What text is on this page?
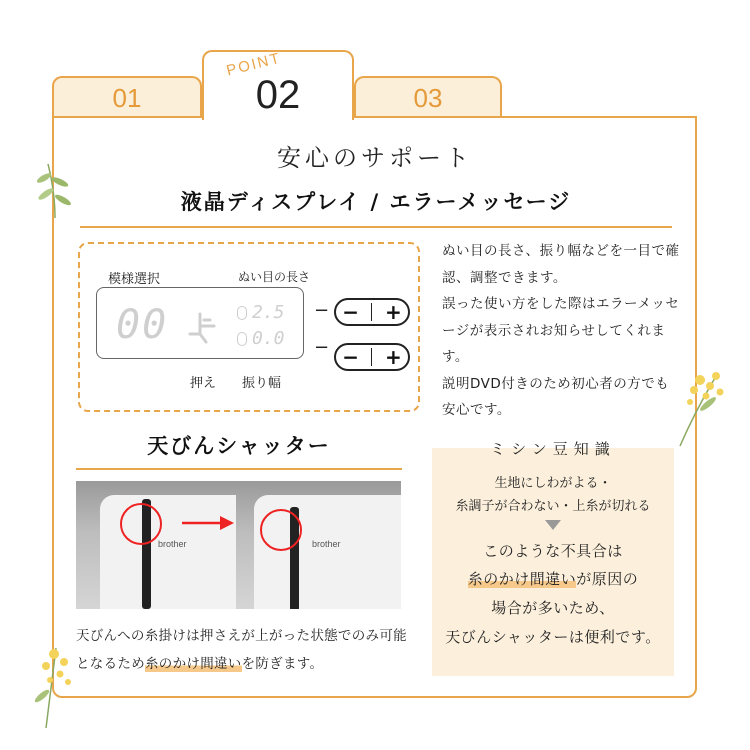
01	03
POINT
02
安心のサポート
液晶ディスプレイ / エラーメッセージ
模様選択	ぬい目の長さ
00	2.5
0.0
− − +
− − +
押え 振り幅

ぬい目の長さ、振り幅などを一目で確認、調整できます。

誤った使い方をした際はエラーメッセージが表示されお知らせしてくれます。

説明DVD付きのため初心者の方でも安心です。

天びんシャッター
brother	brother
天びんへの糸掛けは押さえが上がった状態でのみ可能となるため糸のかけ間違いを防ぎます。
ミシン豆知識
生地にしわがよる・
糸調子が合わない・上糸が切れる
このような不具合は
糸のかけ間違いが原因の
場合が多いため、
天びんシャッターは便利です。
